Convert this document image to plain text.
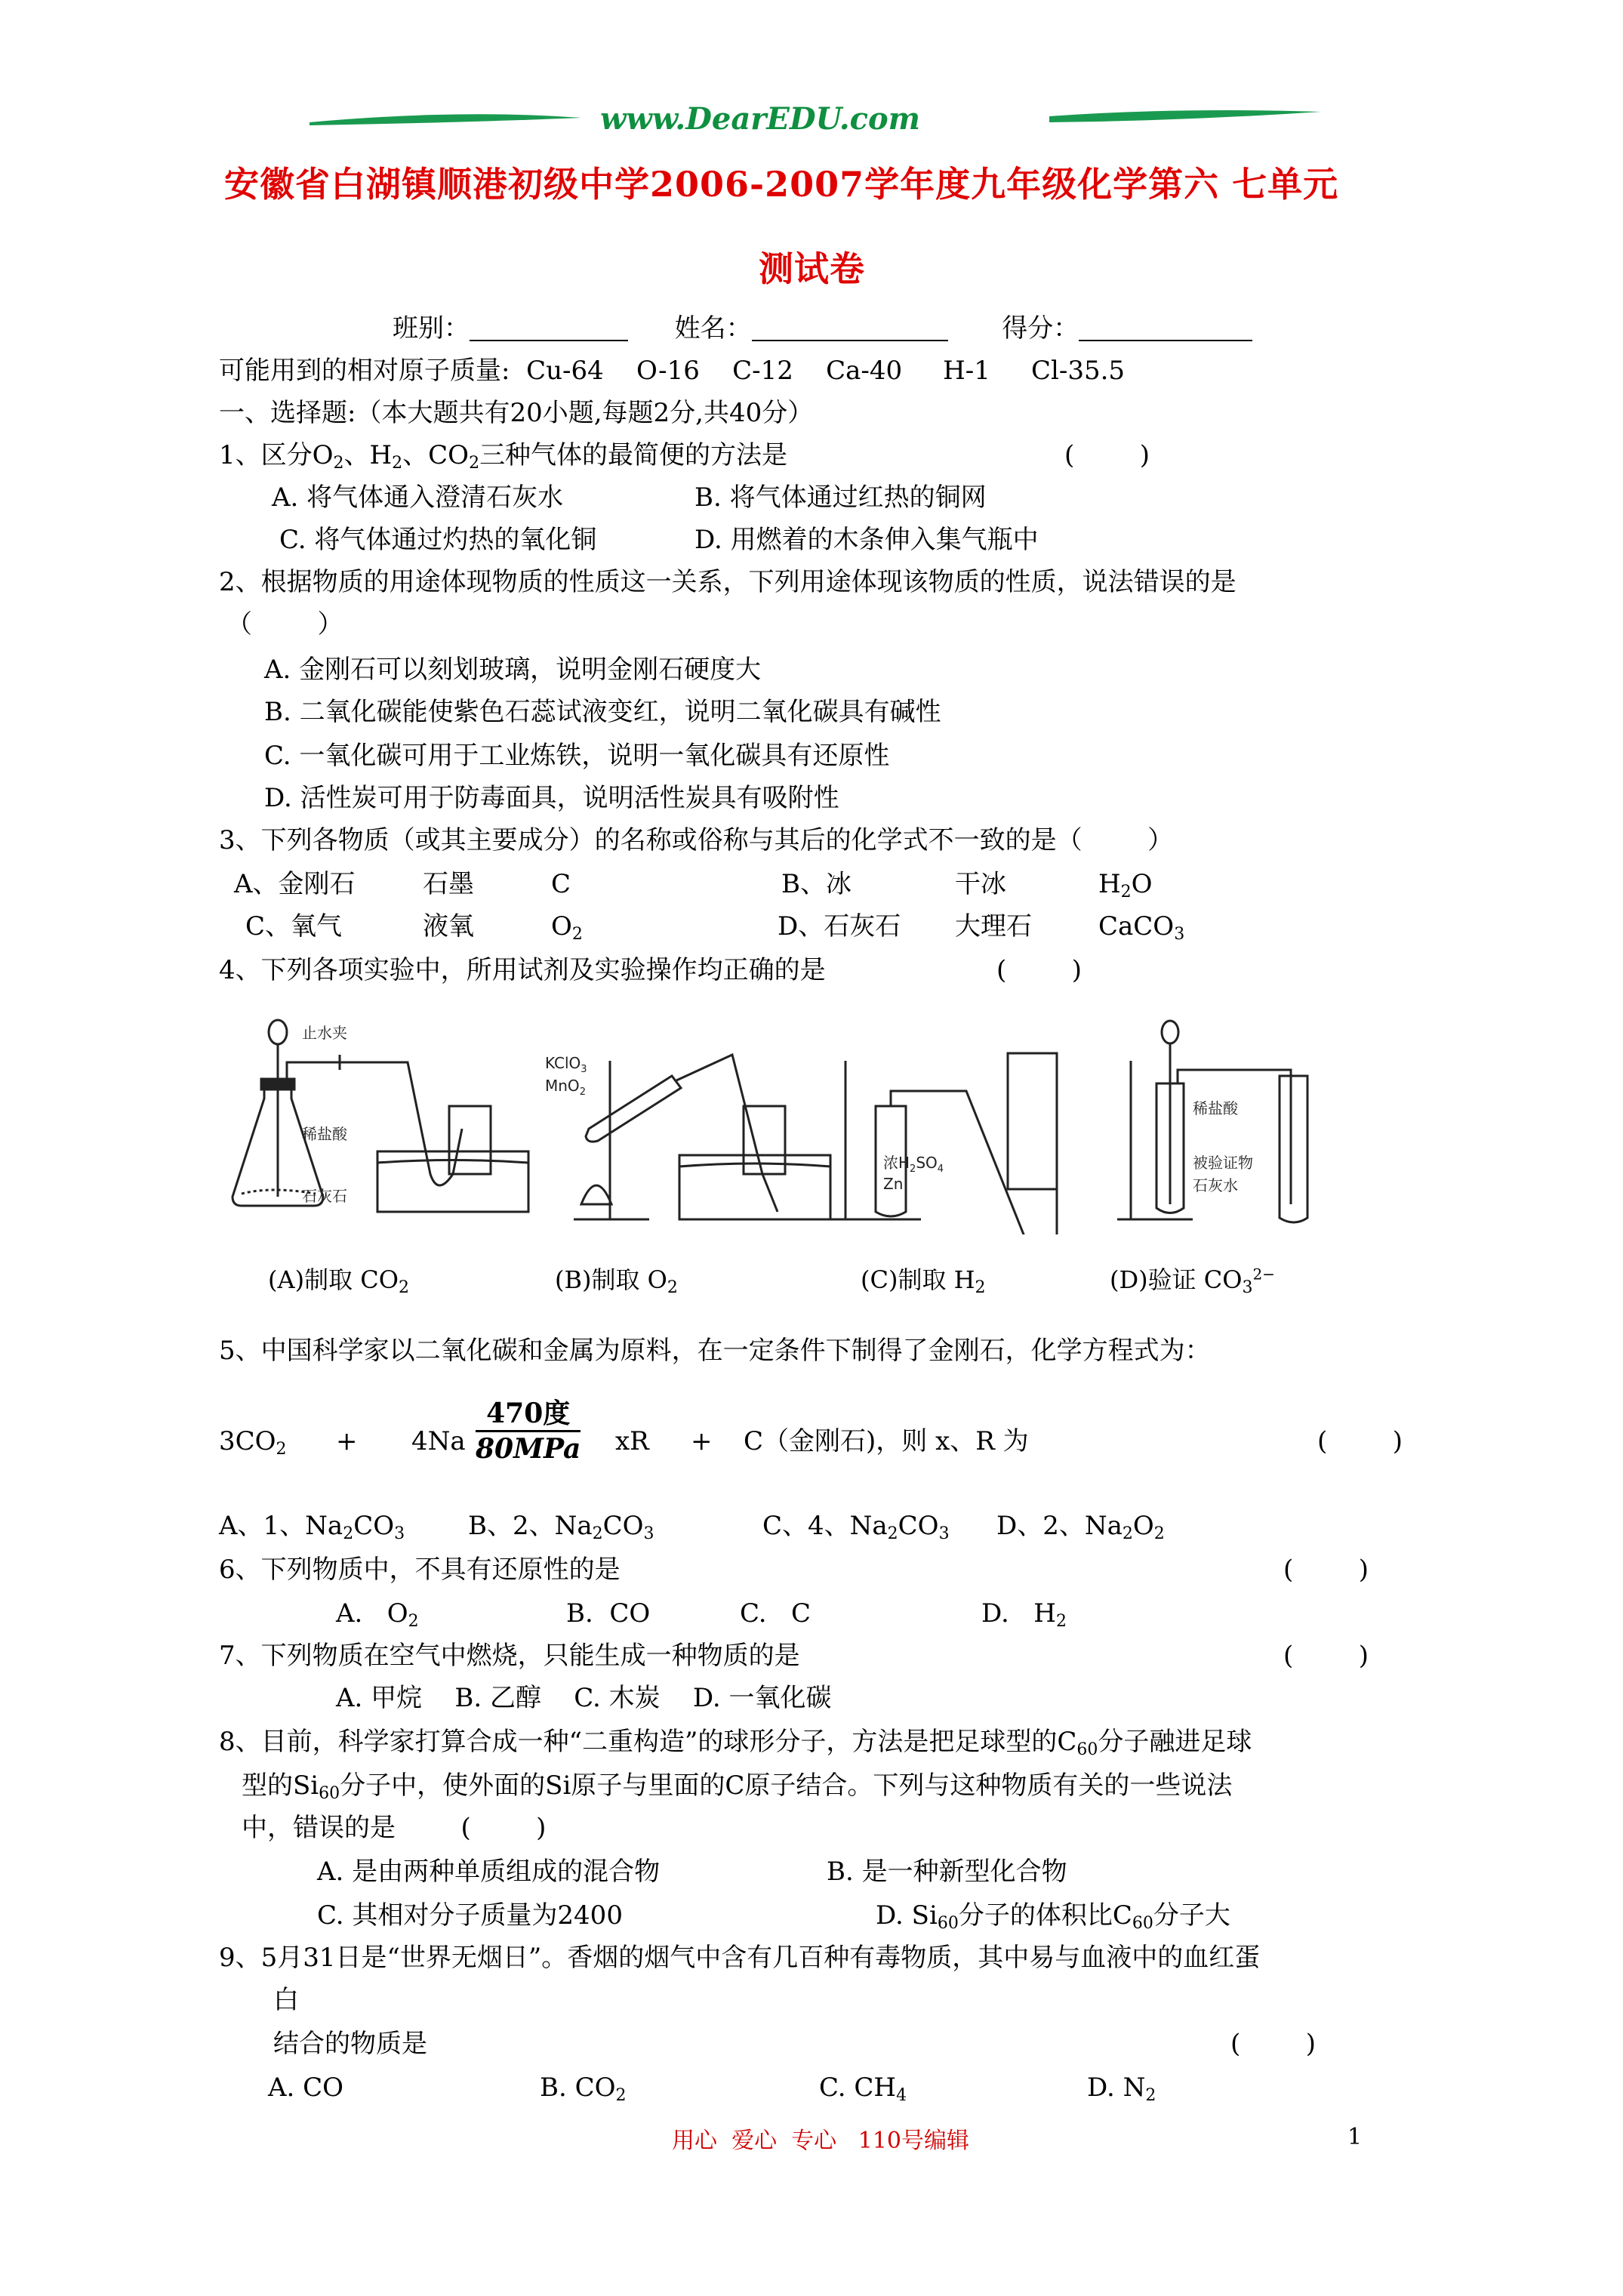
www.DearEDU.com
安徽省白湖镇顺港初级中学2006-2007学年度九年级化学第六 七单元
测试卷
班别：	姓名：	得分：
可能用到的相对原子质量:  Cu-64    O-16    C-12    Ca-40     H-1     Cl-35.5
一、选择题:（本大题共有20小题,每题2分,共40分）
1、区分$O_2$、$H_2$、$CO_2$三种气体的最简便的方法是	(        )
A. 将气体通入澄清石灰水	B. 将气体通过红热的铜网
C. 将气体通过灼热的氧化铜	D. 用燃着的木条伸入集气瓶中
2、根据物质的用途体现物质的性质这一关系，下列用途体现该物质的性质，说法错误的是
（        ）
A. 金刚石可以刻划玻璃，说明金刚石硬度大
B. 二氧化碳能使紫色石蕊试液变红，说明二氧化碳具有碱性
C. 一氧化碳可用于工业炼铁，说明一氧化碳具有还原性
D. 活性炭可用于防毒面具，说明活性炭具有吸附性
3、下列各物质（或其主要成分）的名称或俗称与其后的化学式不一致的是（        ）
A、金刚石	石墨	C	B、冰	干冰	$H_2O$
C、氧气	液氧	$O_2$	D、石灰石 大理石	CaCO$_3$
4、下列各项实验中，所用试剂及实验操作均正确的是	(        )
止水夹
稀盐酸
石灰石
(A)制取 $CO_2$
KClO$_3$
MnO$_2$
(B)制取 $O_2$
浓$H_2SO_4$
Zn
(C)制取 $H_2$
稀盐酸
被验证物
石灰水
(D)验证 $CO_3^{2-}$
5、中国科学家以二氧化碳和金属为原料，在一定条件下制得了金刚石，化学方程式为：
$3CO_2 + 4Na$
470度
80MPa xR + C（金刚石)，则 x、R 为	(        )
A、1、$Na_2CO_3$ B、2、$Na_2CO_3$	C、4、$Na_2CO_3$ D、2、$Na_2O_2$
6、下列物质中，不具有还原性的是	(        )
A.   $O_2$	B.  CO	C.   C	D.   $H_2$
7、下列物质在空气中燃烧，只能生成一种物质的是	(        )
A. 甲烷    B. 乙醇    C. 木炭    D. 一氧化碳
8、目前，科学家打算合成一种“二重构造”的球形分子，方法是把足球型的$C_{60}$分子融进足球
型的$Si_{60}$分子中，使外面的Si原子与里面的C原子结合。下列与这种物质有关的一些说法
中，错误的是        (        )
A. 是由两种单质组成的混合物	B. 是一种新型化合物
C. 其相对分子质量为2400	D. $Si_{60}$分子的体积比$C_{60}$分子大
9、5月31日是“世界无烟日”。香烟的烟气中含有几百种有毒物质，其中易与血液中的血红蛋
白
结合的物质是	(        )
A. CO	B. $CO_2$	C. $CH_4$	D. $N_2$
用心  爱心  专心   110号编辑	1
